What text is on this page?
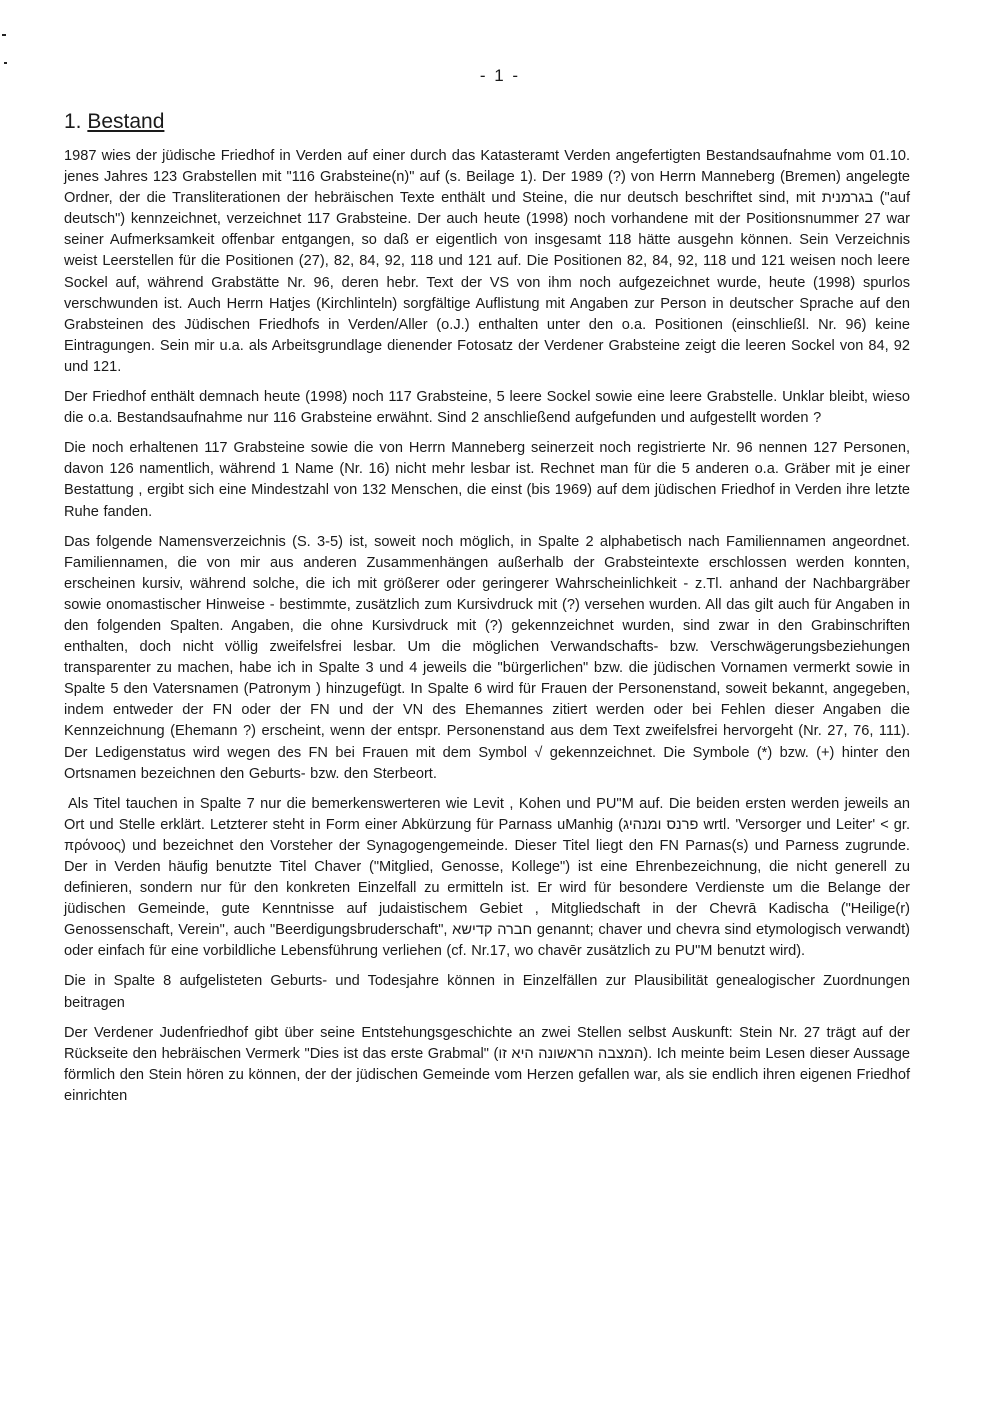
- 1 -
1. Bestand

1987 wies der jüdische Friedhof in Verden auf einer durch das Katasteramt Verden angefertigten Bestandsaufnahme vom 01.10. jenes Jahres 123 Grabstellen mit "116 Grabsteine(n)" auf (s. Beilage 1). Der 1989 (?) von Herrn Manneberg (Bremen) angelegte Ordner, der die Transliterationen der hebräischen Texte enthält und Steine, die nur deutsch beschriftet sind, mit בגרמנית ("auf deutsch") kennzeichnet, verzeichnet 117 Grabsteine. Der auch heute (1998) noch vorhandene mit der Positionsnummer 27 war seiner Aufmerksamkeit offenbar entgangen, so daß er eigentlich von insgesamt 118 hätte ausgehn können. Sein Verzeichnis weist Leerstellen für die Positionen (27), 82, 84, 92, 118 und 121 auf. Die Positionen 82, 84, 92, 118 und 121 weisen noch leere Sockel auf, während Grabstätte Nr. 96, deren hebr. Text der VS von ihm noch aufgezeichnet wurde, heute (1998) spurlos verschwunden ist. Auch Herrn Hatjes (Kirchlinteln) sorgfältige Auflistung mit Angaben zur Person in deutscher Sprache auf den Grabsteinen des Jüdischen Friedhofs in Verden/Aller (o.J.) enthalten unter den o.a. Positionen (einschließl. Nr. 96) keine Eintragungen. Sein mir u.a. als Arbeitsgrundlage dienender Fotosatz der Verdener Grabsteine zeigt die leeren Sockel von 84, 92 und 121.

Der Friedhof enthält demnach heute (1998) noch 117 Grabsteine, 5 leere Sockel sowie eine leere Grabstelle. Unklar bleibt, wieso die o.a. Bestandsaufnahme nur 116 Grabsteine erwähnt. Sind 2 anschließend aufgefunden und aufgestellt worden ?

Die noch erhaltenen 117 Grabsteine sowie die von Herrn Manneberg seinerzeit noch registrierte Nr. 96 nennen 127 Personen, davon 126 namentlich, während 1 Name (Nr. 16) nicht mehr lesbar ist. Rechnet man für die 5 anderen o.a. Gräber mit je einer Bestattung , ergibt sich eine Mindestzahl von 132 Menschen, die einst (bis 1969) auf dem jüdischen Friedhof in Verden ihre letzte Ruhe fanden.

Das folgende Namensverzeichnis (S. 3-5) ist, soweit noch möglich, in Spalte 2 alphabetisch nach Familiennamen angeordnet. Familiennamen, die von mir aus anderen Zusammenhängen außerhalb der Grabsteintexte erschlossen werden konnten, erscheinen kursiv, während solche, die ich mit größerer oder geringerer Wahrscheinlichkeit - z.Tl. anhand der Nachbargräber sowie onomastischer Hinweise - bestimmte, zusätzlich zum Kursivdruck mit (?) versehen wurden. All das gilt auch für Angaben in den folgenden Spalten. Angaben, die ohne Kursivdruck mit (?) gekennzeichnet wurden, sind zwar in den Grabinschriften enthalten, doch nicht völlig zweifelsfrei lesbar. Um die möglichen Verwandschafts- bzw. Verschwägerungsbeziehungen transparenter zu machen, habe ich in Spalte 3 und 4 jeweils die "bürgerlichen" bzw. die jüdischen Vornamen vermerkt sowie in Spalte 5 den Vatersnamen (Patronym ) hinzugefügt. In Spalte 6 wird für Frauen der Personenstand, soweit bekannt, angegeben, indem entweder der FN oder der FN und der VN des Ehemannes zitiert werden oder bei Fehlen dieser Angaben die Kennzeichnung (Ehemann ?) erscheint, wenn der entspr. Personenstand aus dem Text zweifelsfrei hervorgeht (Nr. 27, 76, 111). Der Ledigenstatus wird wegen des FN bei Frauen mit dem Symbol √ gekennzeichnet. Die Symbole (*) bzw. (+) hinter den Ortsnamen bezeichnen den Geburts- bzw. den Sterbeort.

Als Titel tauchen in Spalte 7 nur die bemerkenswerteren wie Levit , Kohen und PU"M auf. Die beiden ersten werden jeweils an Ort und Stelle erklärt. Letzterer steht in Form einer Abkürzung für Parnass uManhig (פרנס ומנהיג wrtl. 'Versorger und Leiter' < gr. πρόνοος) und bezeichnet den Vorsteher der Synagogengemeinde. Dieser Titel liegt den FN Parnas(s) und Parness zugrunde. Der in Verden häufig benutzte Titel Chaver ("Mitglied, Genosse, Kollege") ist eine Ehrenbezeichnung, die nicht generell zu definieren, sondern nur für den konkreten Einzelfall zu ermitteln ist. Er wird für besondere Verdienste um die Belange der jüdischen Gemeinde, gute Kenntnisse auf judaistischem Gebiet , Mitgliedschaft in der Chevrā Kadischa ("Heilige(r) Genossenschaft, Verein", auch "Beerdigungsbruderschaft", חברה קדישא genannt; chaver und chevra sind etymologisch verwandt) oder einfach für eine vorbildliche Lebensführung verliehen (cf. Nr.17, wo chavēr zusätzlich zu PU"M benutzt wird).

Die in Spalte 8 aufgelisteten Geburts- und Todesjahre können in Einzelfällen zur Plausibilität genealogischer Zuordnungen beitragen

Der Verdener Judenfriedhof gibt über seine Entstehungsgeschichte an zwei Stellen selbst Auskunft: Stein Nr. 27 trägt auf der Rückseite den hebräischen Vermerk "Dies ist das erste Grabmal" (המצבה הראשונה היא זו). Ich meinte beim Lesen dieser Aussage förmlich den Stein hören zu können, der der jüdischen Gemeinde vom Herzen gefallen war, als sie endlich ihren eigenen Friedhof einrichten
